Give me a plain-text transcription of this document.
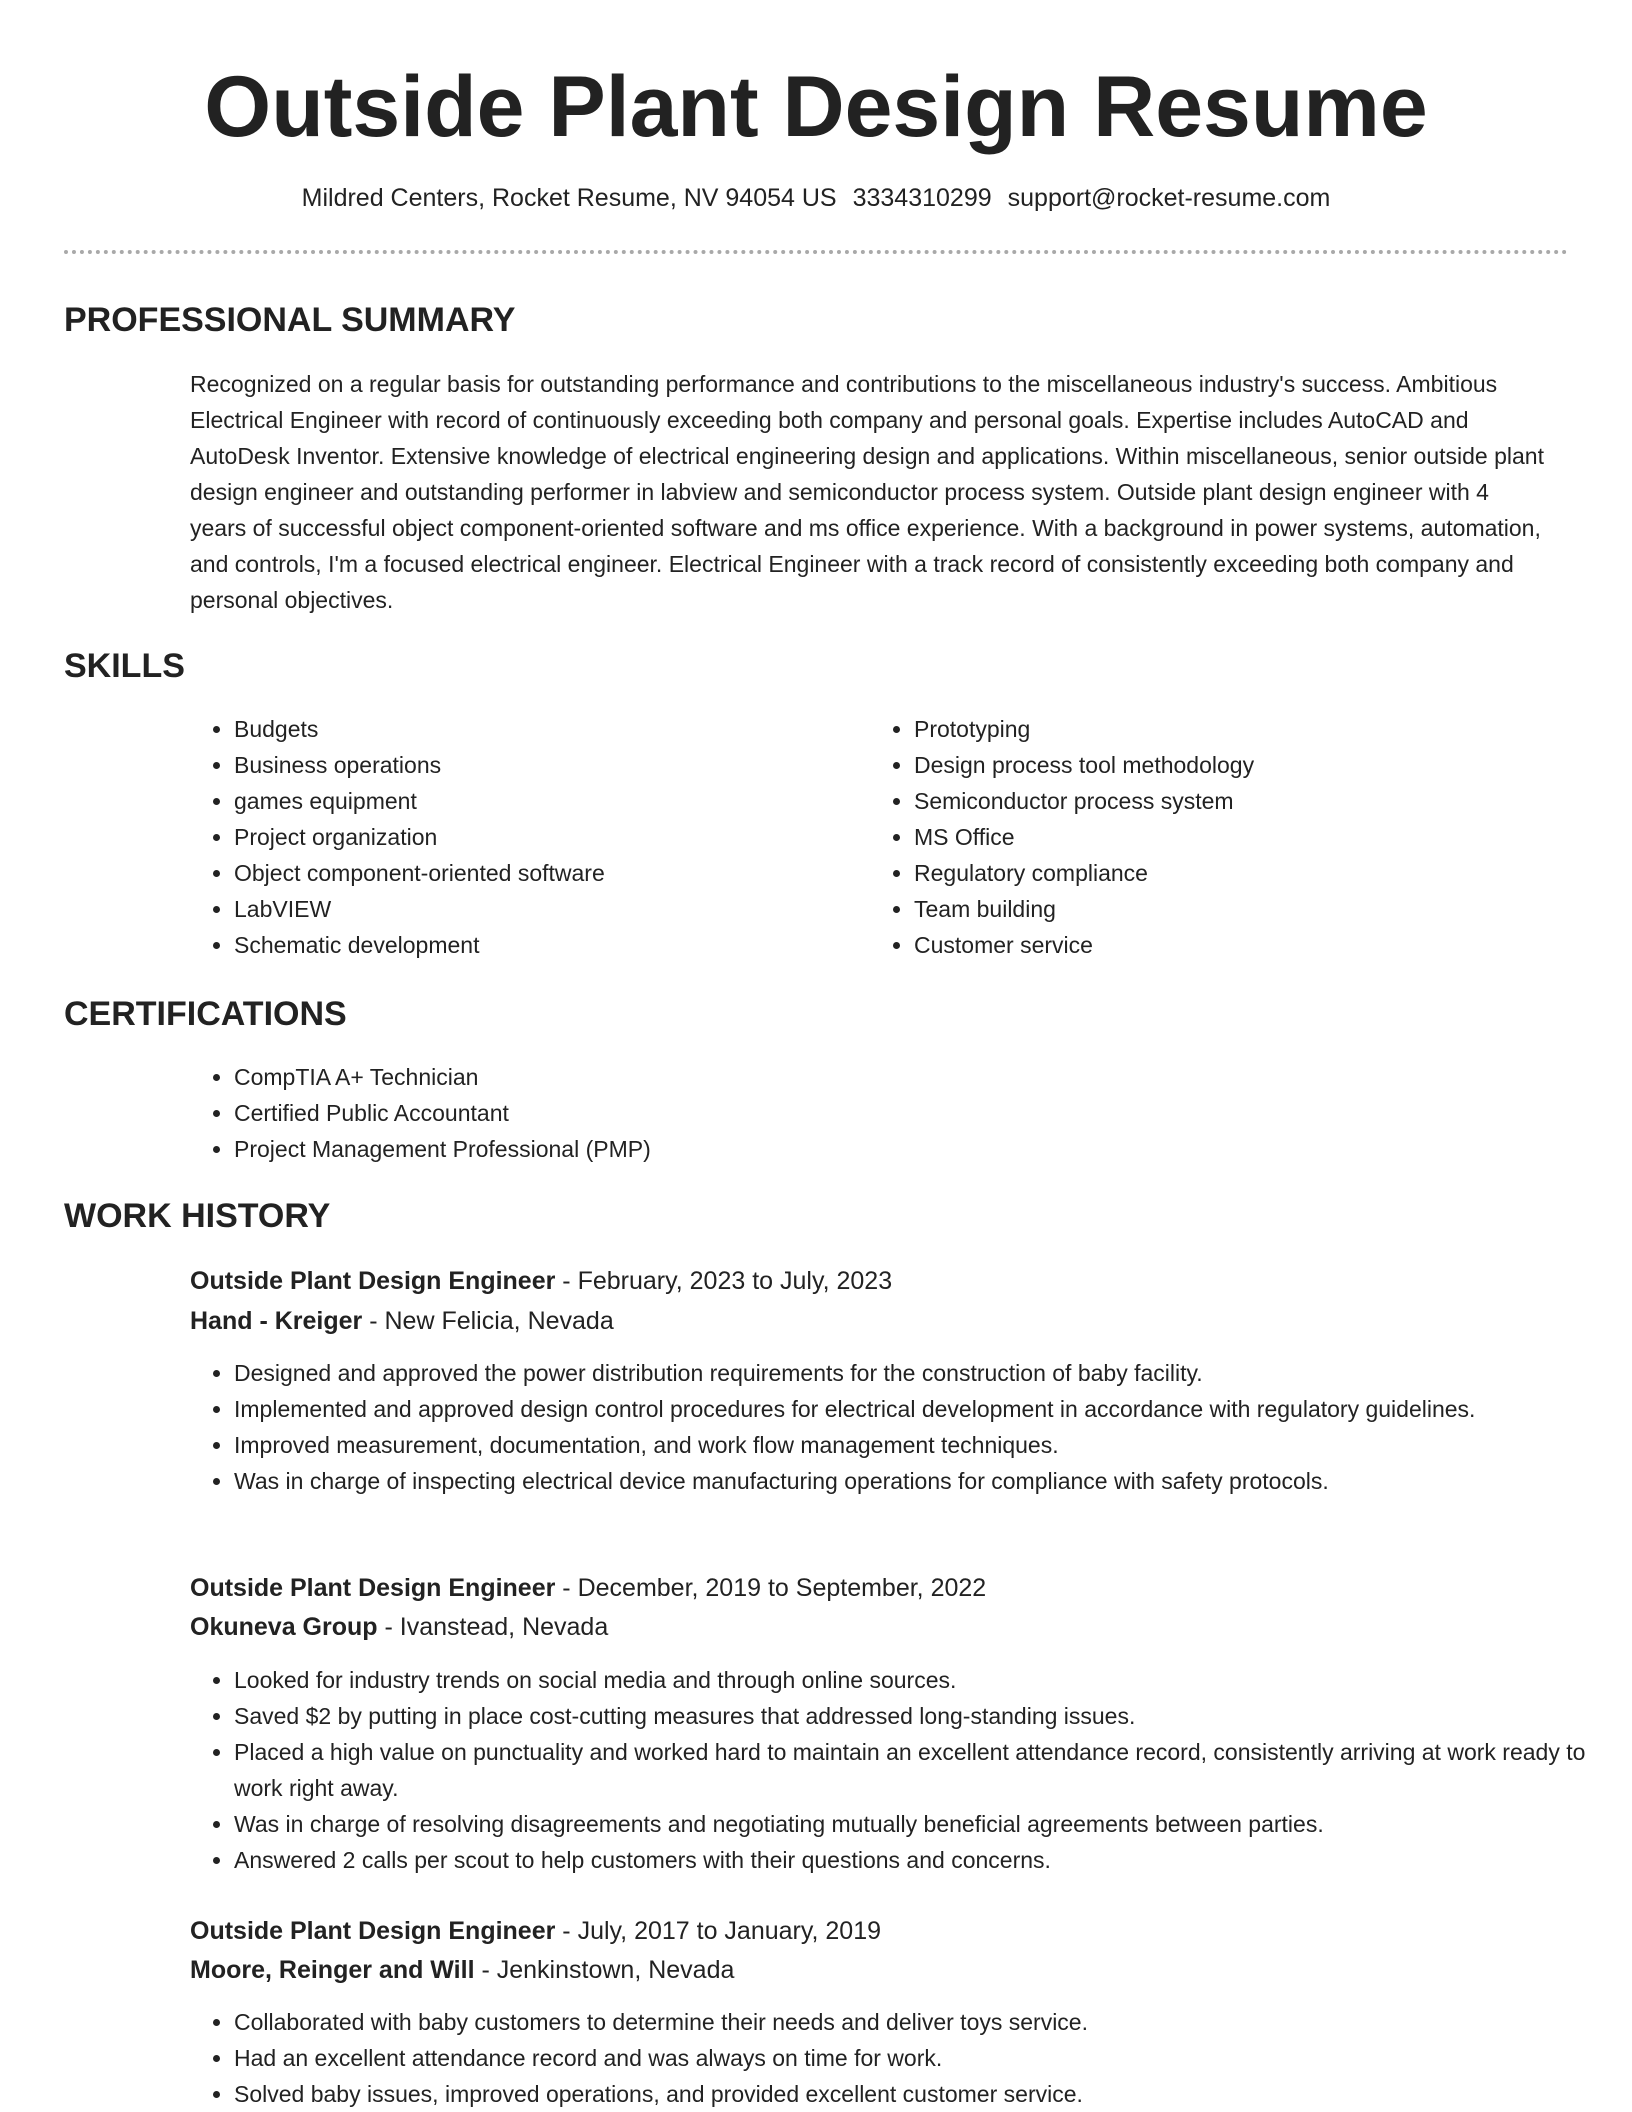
Outside Plant Design Resume
Mildred Centers, Rocket Resume, NV 94054 US 3334310299 support@rocket-resume.com
PROFESSIONAL SUMMARY

Recognized on a regular basis for outstanding performance and contributions to the miscellaneous industry's success. Ambitious Electrical Engineer with record of continuously exceeding both company and personal goals. Expertise includes AutoCAD and AutoDesk Inventor. Extensive knowledge of electrical engineering design and applications. Within miscellaneous, senior outside plant design engineer and outstanding performer in labview and semiconductor process system. Outside plant design engineer with 4 years of successful object component-oriented software and ms office experience. With a background in power systems, automation, and controls, I'm a focused electrical engineer. Electrical Engineer with a track record of consistently exceeding both company and personal objectives.

SKILLS
• Budgets
• Business operations
• games equipment
• Project organization
• Object component-oriented software
• LabVIEW
• Schematic development
• Prototyping
• Design process tool methodology
• Semiconductor process system
• MS Office
• Regulatory compliance
• Team building
• Customer service
CERTIFICATIONS
• CompTIA A+ Technician
• Certified Public Accountant
• Project Management Professional (PMP)
WORK HISTORY
Outside Plant Design Engineer - February, 2023 to July, 2023
Hand - Kreiger - New Felicia, Nevada
• Designed and approved the power distribution requirements for the construction of baby facility.
• Implemented and approved design control procedures for electrical development in accordance with regulatory guidelines.
• Improved measurement, documentation, and work flow management techniques.
• Was in charge of inspecting electrical device manufacturing operations for compliance with safety protocols.
Outside Plant Design Engineer - December, 2019 to September, 2022
Okuneva Group - Ivanstead, Nevada
• Looked for industry trends on social media and through online sources.
• Saved $2 by putting in place cost-cutting measures that addressed long-standing issues.
• Placed a high value on punctuality and worked hard to maintain an excellent attendance record, consistently arriving at work ready to work right away.
• Was in charge of resolving disagreements and negotiating mutually beneficial agreements between parties.
• Answered 2 calls per scout to help customers with their questions and concerns.
Outside Plant Design Engineer - July, 2017 to January, 2019
Moore, Reinger and Will - Jenkinstown, Nevada
• Collaborated with baby customers to determine their needs and deliver toys service.
• Had an excellent attendance record and was always on time for work.
• Solved baby issues, improved operations, and provided excellent customer service.
